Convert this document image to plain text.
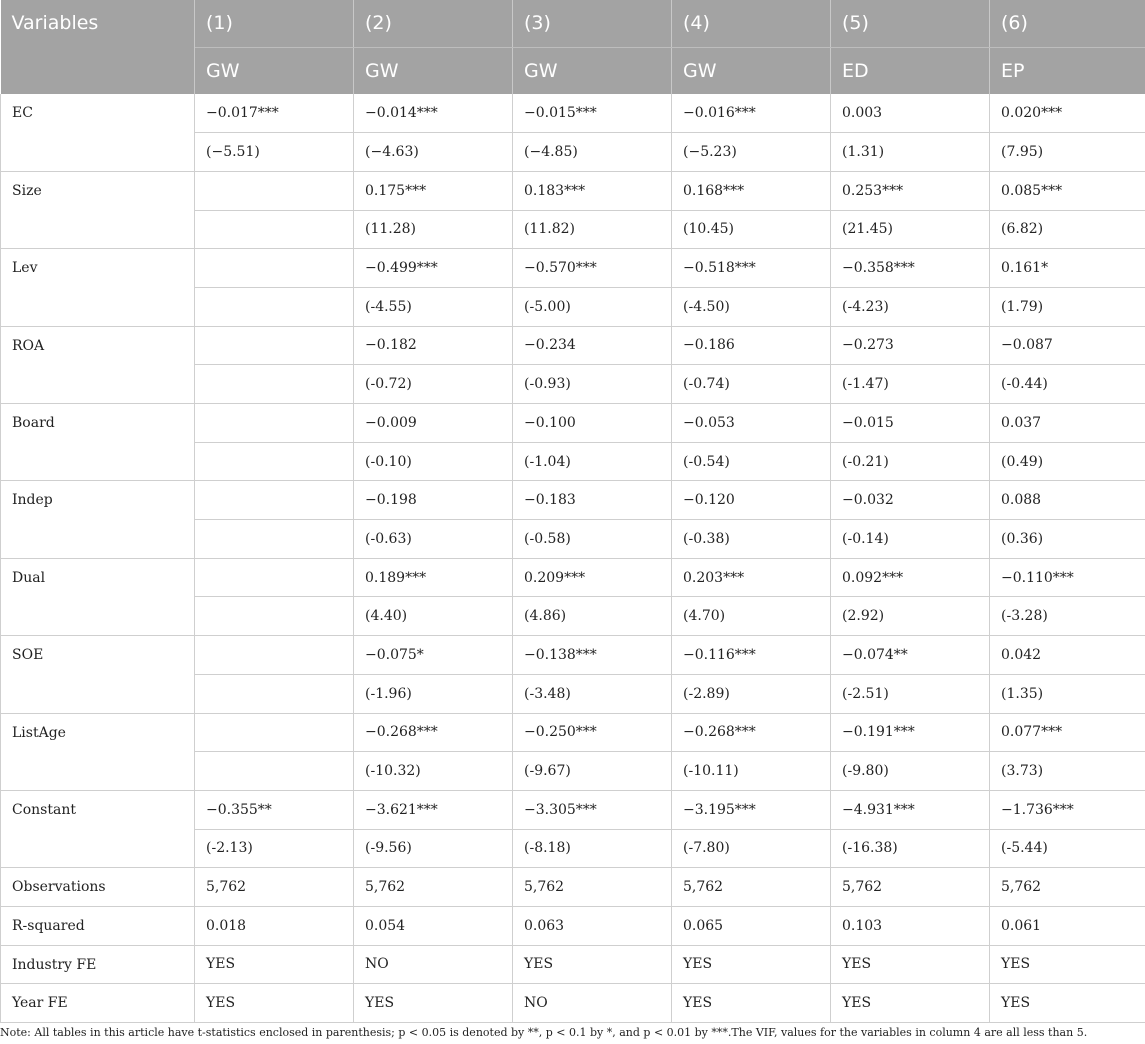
Variables	(1)	(2)	(3)	(4)	(5)	(6)
	GW	GW	GW	GW	ED	EP
EC	−0.017***	−0.014***	−0.015***	−0.016***	0.003	0.020***
	(−5.51)	(−4.63)	(−4.85)	(−5.23)	(1.31)	(7.95)
Size		0.175***	0.183***	0.168***	0.253***	0.085***
		(11.28)	(11.82)	(10.45)	(21.45)	(6.82)
Lev		−0.499***	−0.570***	−0.518***	−0.358***	0.161*
		(-4.55)	(-5.00)	(-4.50)	(-4.23)	(1.79)
ROA		−0.182	−0.234	−0.186	−0.273	−0.087
		(-0.72)	(-0.93)	(-0.74)	(-1.47)	(-0.44)
Board		−0.009	−0.100	−0.053	−0.015	0.037
		(-0.10)	(-1.04)	(-0.54)	(-0.21)	(0.49)
Indep		−0.198	−0.183	−0.120	−0.032	0.088
		(-0.63)	(-0.58)	(-0.38)	(-0.14)	(0.36)
Dual		0.189***	0.209***	0.203***	0.092***	−0.110***
		(4.40)	(4.86)	(4.70)	(2.92)	(-3.28)
SOE		−0.075*	−0.138***	−0.116***	−0.074**	0.042
		(-1.96)	(-3.48)	(-2.89)	(-2.51)	(1.35)
ListAge		−0.268***	−0.250***	−0.268***	−0.191***	0.077***
		(-10.32)	(-9.67)	(-10.11)	(-9.80)	(3.73)
Constant	−0.355**	−3.621***	−3.305***	−3.195***	−4.931***	−1.736***
	(-2.13)	(-9.56)	(-8.18)	(-7.80)	(-16.38)	(-5.44)
Observations	5,762	5,762	5,762	5,762	5,762	5,762
R-squared	0.018	0.054	0.063	0.065	0.103	0.061
Industry FE	YES	NO	YES	YES	YES	YES
Year FE	YES	YES	NO	YES	YES	YES
Note: All tables in this article have t-statistics enclosed in parenthesis; p < 0.05 is denoted by **, p < 0.1 by *, and p < 0.01 by ***.The VIF, values for the variables in column 4 are all less than 5.
